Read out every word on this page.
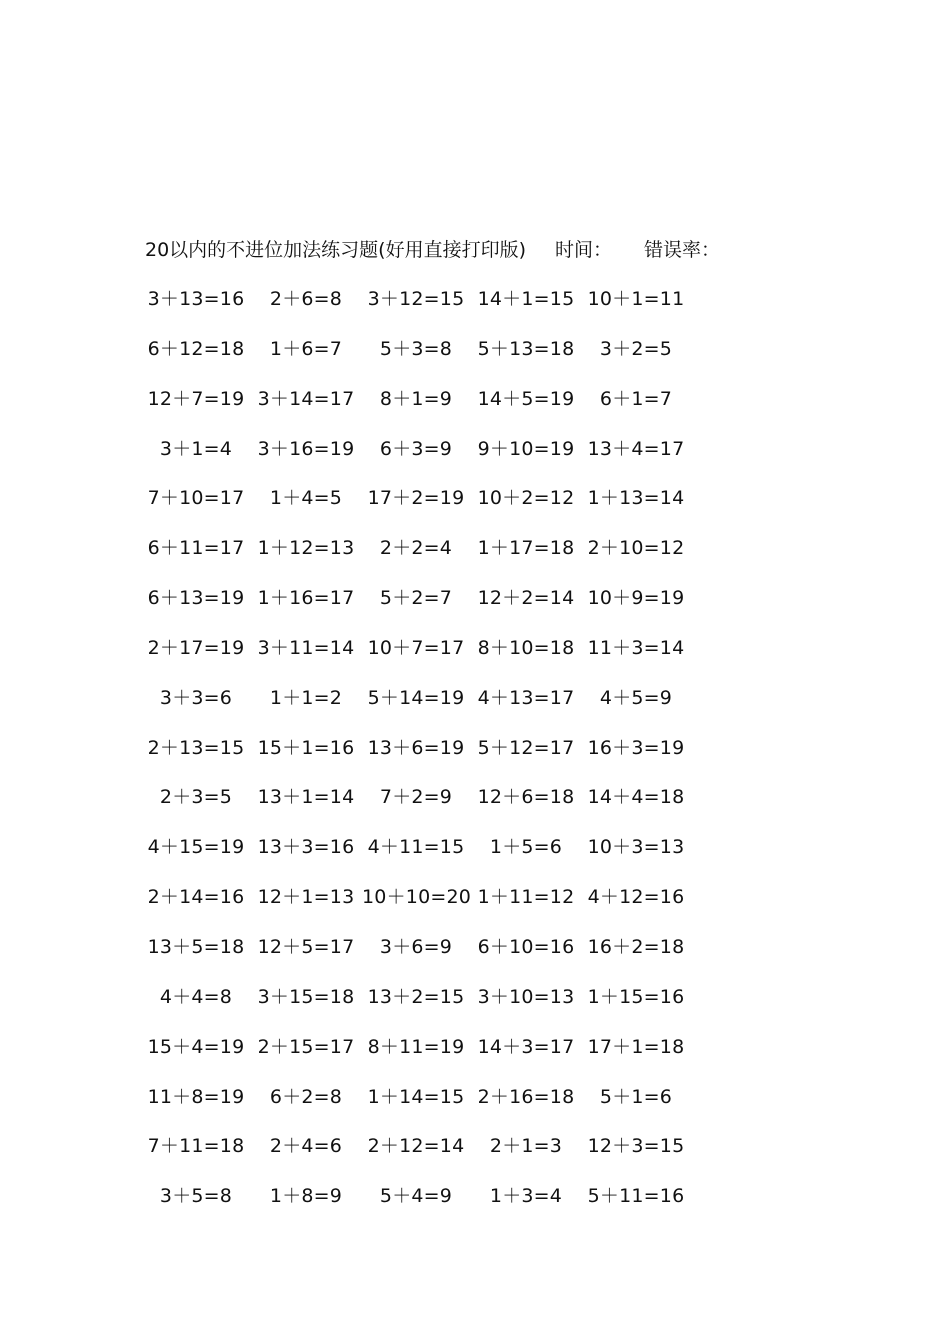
20以内的不进位加法练习题(好用直接打印版) 时间： 错误率：
3＋13=16	2＋6=8	3＋12=15 14＋1=15 10＋1=11
6＋12=18	1＋6=7	5＋3=8	5＋13=18	3＋2=5
12＋7=19 3＋14=17	8＋1=9	14＋5=19	6＋1=7
3＋1=4	3＋16=19	6＋3=9	9＋10=19 13＋4=17
7＋10=17	1＋4=5	17＋2=19 10＋2=12 1＋13=14
6＋11=17 1＋12=13	2＋2=4	1＋17=18 2＋10=12
6＋13=19 1＋16=17	5＋2=7	12＋2=14 10＋9=19
2＋17=19 3＋11=14 10＋7=17 8＋10=18 11＋3=14
3＋3=6	1＋1=2	5＋14=19 4＋13=17	4＋5=9
2＋13=15 15＋1=16 13＋6=19 5＋12=17 16＋3=19
2＋3=5	13＋1=14	7＋2=9	12＋6=18 14＋4=18
4＋15=19 13＋3=16 4＋11=15	1＋5=6	10＋3=13
2＋14=16 12＋1=13 10＋10=20 1＋11=12 4＋12=16
13＋5=18 12＋5=17	3＋6=9	6＋10=16 16＋2=18
4＋4=8	3＋15=18 13＋2=15 3＋10=13 1＋15=16
15＋4=19 2＋15=17 8＋11=19 14＋3=17 17＋1=18
11＋8=19	6＋2=8	1＋14=15 2＋16=18	5＋1=6
7＋11=18	2＋4=6	2＋12=14	2＋1=3	12＋3=15
3＋5=8	1＋8=9	5＋4=9	1＋3=4	5＋11=16
